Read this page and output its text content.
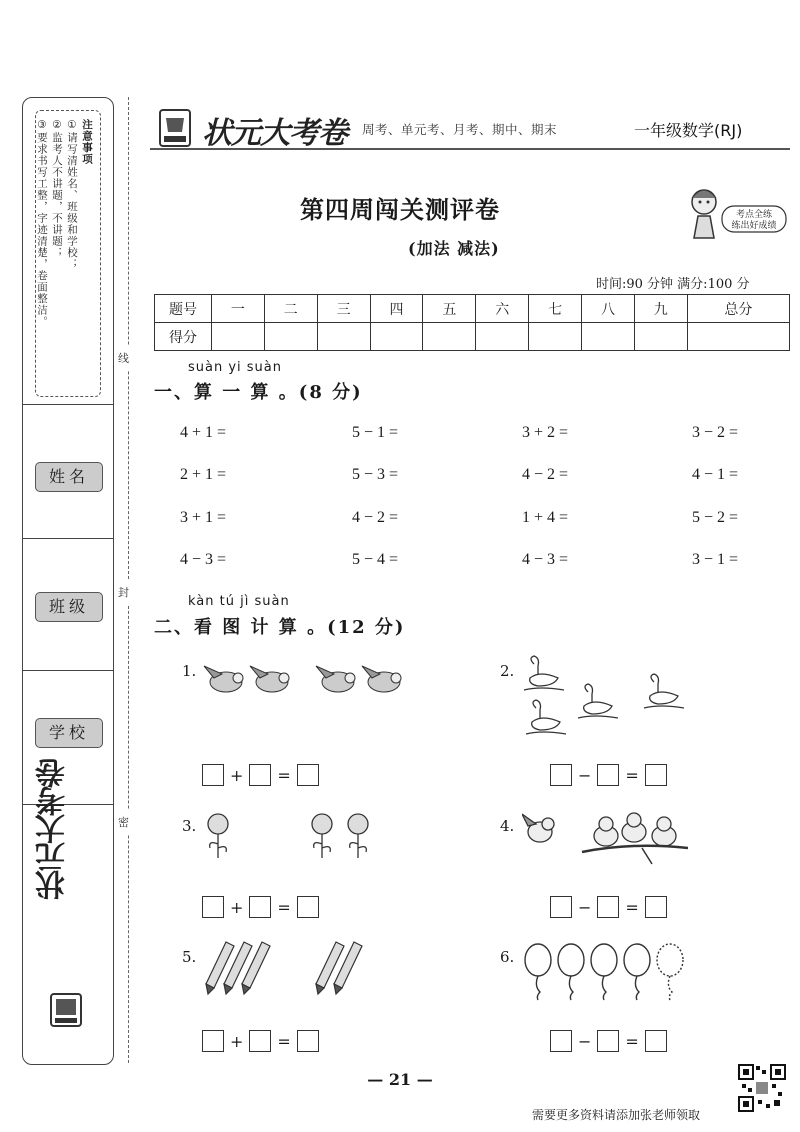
注意事项
①请写清姓名、班级和学校；
②监考人不讲题，不讲题；
③要求书写工整，字迹清楚，卷面整洁。
姓名
班级
学校
状元大考卷
线
封
密
状元大考卷 周考、单元考、月考、期中、期末	一年级数学(RJ)
第四周闯关测评卷
(加法 减法)
考点全练
练出好成绩
时间:90 分钟 满分:100 分
题号	一	二	三	四	五	六	七	八	九	总分
得分										
suàn yi suàn
一、算 一 算 。(8 分)
4 + 1 =	5 − 1 =	3 + 2 =	3 − 2 =
2 + 1 =	5 − 3 =	4 − 2 =	4 − 1 =
3 + 1 =	4 − 2 =	1 + 4 =	5 − 2 =
4 − 3 =	5 − 4 =	4 − 3 =	3 − 1 =
kàn tú jì suàn
二、看 图 计 算 。(12 分)
1.
+ =
2.
− =
3.
+ =
4.
− =
5.
+ =
6.
− =
— 21 —
需要更多资料请添加张老师领取
